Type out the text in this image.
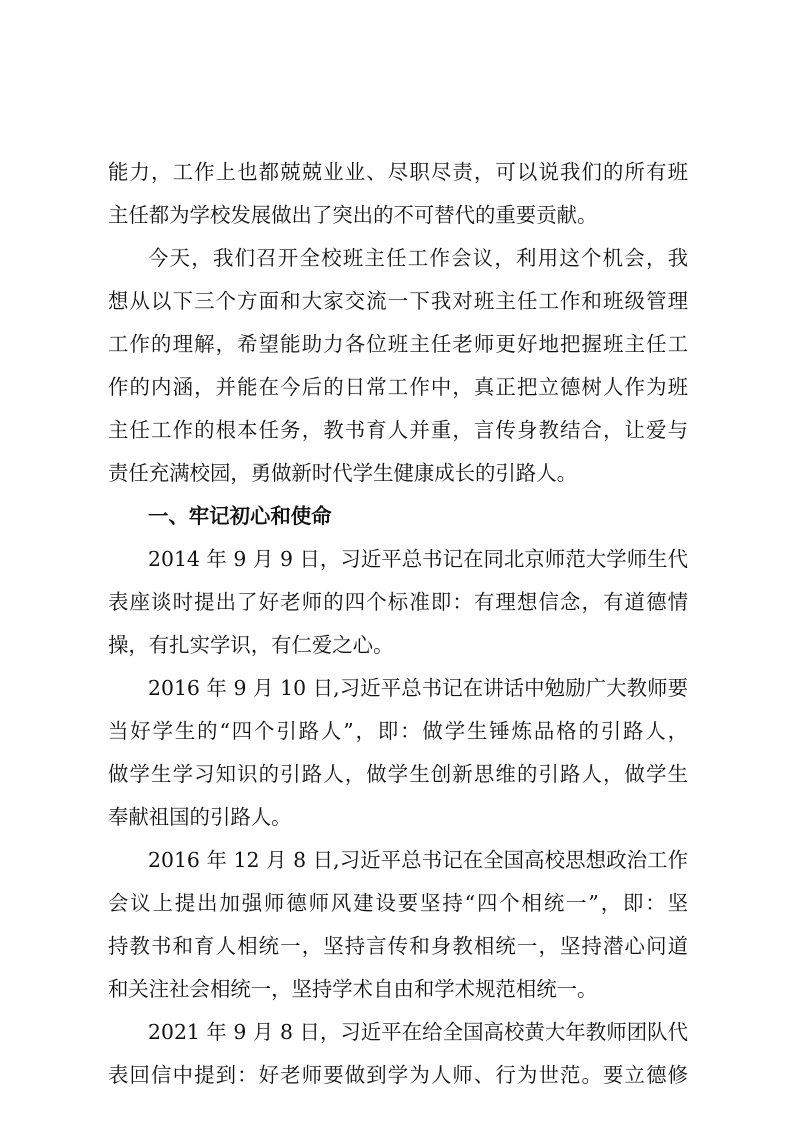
能力，工作上也都兢兢业业、尽职尽责，可以说我们的所有班
主任都为学校发展做出了突出的不可替代的重要贡献。
今天，我们召开全校班主任工作会议，利用这个机会，我
想从以下三个方面和大家交流一下我对班主任工作和班级管理
工作的理解，希望能助力各位班主任老师更好地把握班主任工
作的内涵，并能在今后的日常工作中，真正把立德树人作为班
主任工作的根本任务，教书育人并重，言传身教结合，让爱与
责任充满校园，勇做新时代学生健康成长的引路人。
一、牢记初心和使命
2014 年 9 月 9 日，习近平总书记在同北京师范大学师生代
表座谈时提出了好老师的四个标准即：有理想信念，有道德情
操，有扎实学识，有仁爱之心。
2016 年 9 月 10 日,习近平总书记在讲话中勉励广大教师要
当好学生的“四个引路人”，即：做学生锤炼品格的引路人，
做学生学习知识的引路人，做学生创新思维的引路人，做学生
奉献祖国的引路人。
2016 年 12 月 8 日,习近平总书记在全国高校思想政治工作
会议上提出加强师德师风建设要坚持“四个相统一”，即：坚
持教书和育人相统一，坚持言传和身教相统一，坚持潜心问道
和关注社会相统一，坚持学术自由和学术规范相统一。
2021 年 9 月 8 日，习近平在给全国高校黄大年教师团队代
表回信中提到：好老师要做到学为人师、行为世范。要立德修
